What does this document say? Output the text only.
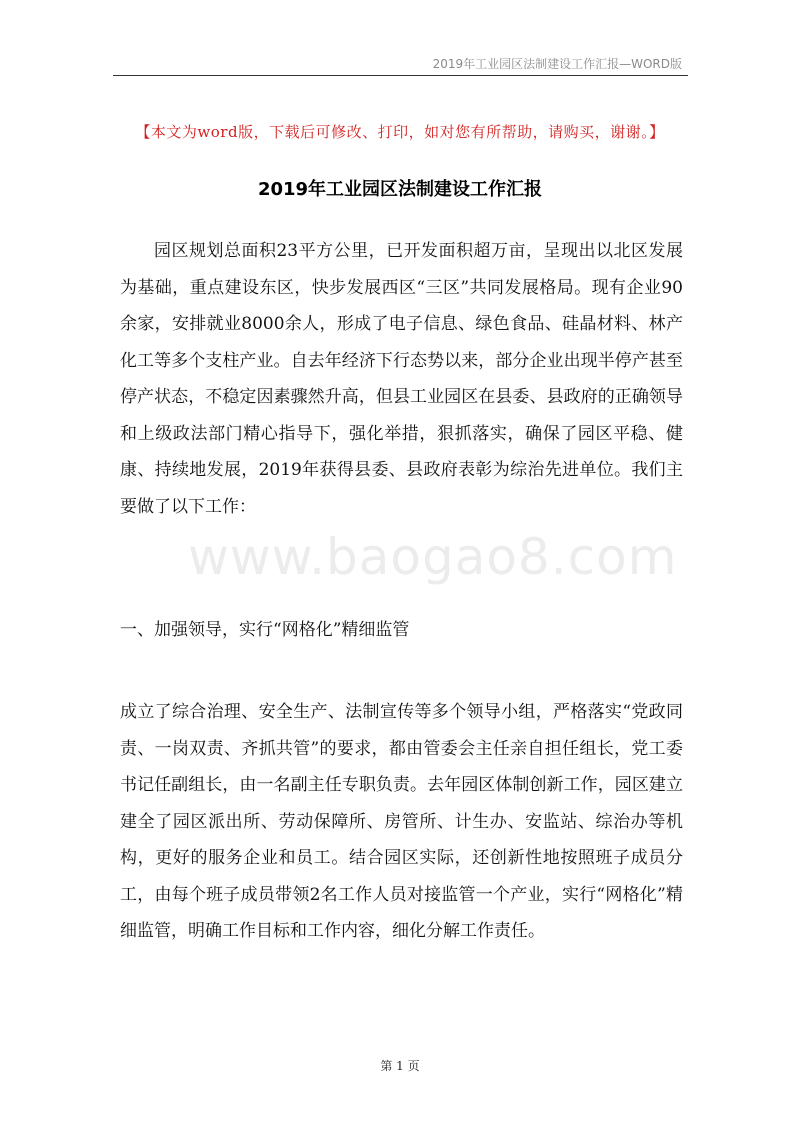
2019年工业园区法制建设工作汇报—WORD版
【本文为word版，下载后可修改、打印，如对您有所帮助，请购买，谢谢。】
2019年工业园区法制建设工作汇报

园区规划总面积23平方公里，已开发面积超万亩，呈现出以北区发展为基础，重点建设东区，快步发展西区“三区”共同发展格局。现有企业90余家，安排就业8000余人，形成了电子信息、绿色食品、硅晶材料、林产化工等多个支柱产业。自去年经济下行态势以来，部分企业出现半停产甚至停产状态，不稳定因素骤然升高，但县工业园区在县委、县政府的正确领导和上级政法部门精心指导下，强化举措，狠抓落实，确保了园区平稳、健康、持续地发展，2019年获得县委、县政府表彰为综治先进单位。我们主要做了以下工作：

www.baogao8.com

一、加强领导，实行“网格化”精细监管

成立了综合治理、安全生产、法制宣传等多个领导小组，严格落实“党政同责、一岗双责、齐抓共管”的要求，都由管委会主任亲自担任组长，党工委书记任副组长，由一名副主任专职负责。去年园区体制创新工作，园区建立建全了园区派出所、劳动保障所、房管所、计生办、安监站、综治办等机构，更好的服务企业和员工。结合园区实际，还创新性地按照班子成员分工，由每个班子成员带领2名工作人员对接监管一个产业，实行“网格化”精细监管，明确工作目标和工作内容，细化分解工作责任。

第 1 页
